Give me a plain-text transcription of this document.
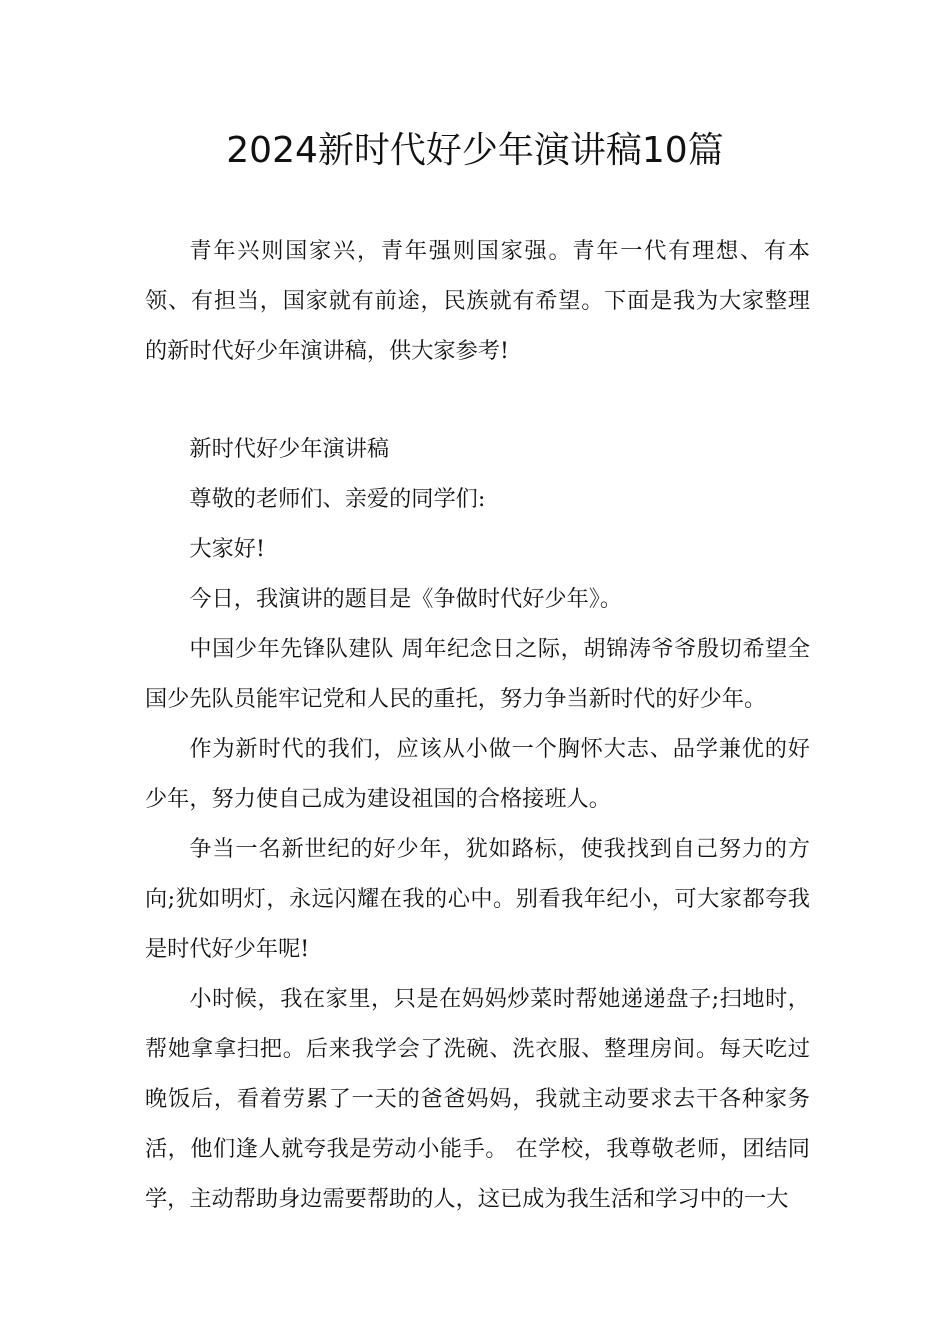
2024新时代好少年演讲稿10篇

青年兴则国家兴，青年强则国家强。青年一代有理想、有本领、有担当，国家就有前途，民族就有希望。下面是我为大家整理的新时代好少年演讲稿，供大家参考!

新时代好少年演讲稿

尊敬的老师们、亲爱的同学们:

大家好!

今日，我演讲的题目是《争做时代好少年》。

中国少年先锋队建队 周年纪念日之际，胡锦涛爷爷殷切希望全国少先队员能牢记党和人民的重托，努力争当新时代的好少年。

作为新时代的我们，应该从小做一个胸怀大志、品学兼优的好少年，努力使自己成为建设祖国的合格接班人。

争当一名新世纪的好少年，犹如路标，使我找到自己努力的方向;犹如明灯，永远闪耀在我的心中。别看我年纪小，可大家都夸我是时代好少年呢!

小时候，我在家里，只是在妈妈炒菜时帮她递递盘子;扫地时，帮她拿拿扫把。后来我学会了洗碗、洗衣服、整理房间。每天吃过晚饭后，看着劳累了一天的爸爸妈妈，我就主动要求去干各种家务活，他们逢人就夸我是劳动小能手。 在学校，我尊敬老师，团结同学，主动帮助身边需要帮助的人，这已成为我生活和学习中的一大
